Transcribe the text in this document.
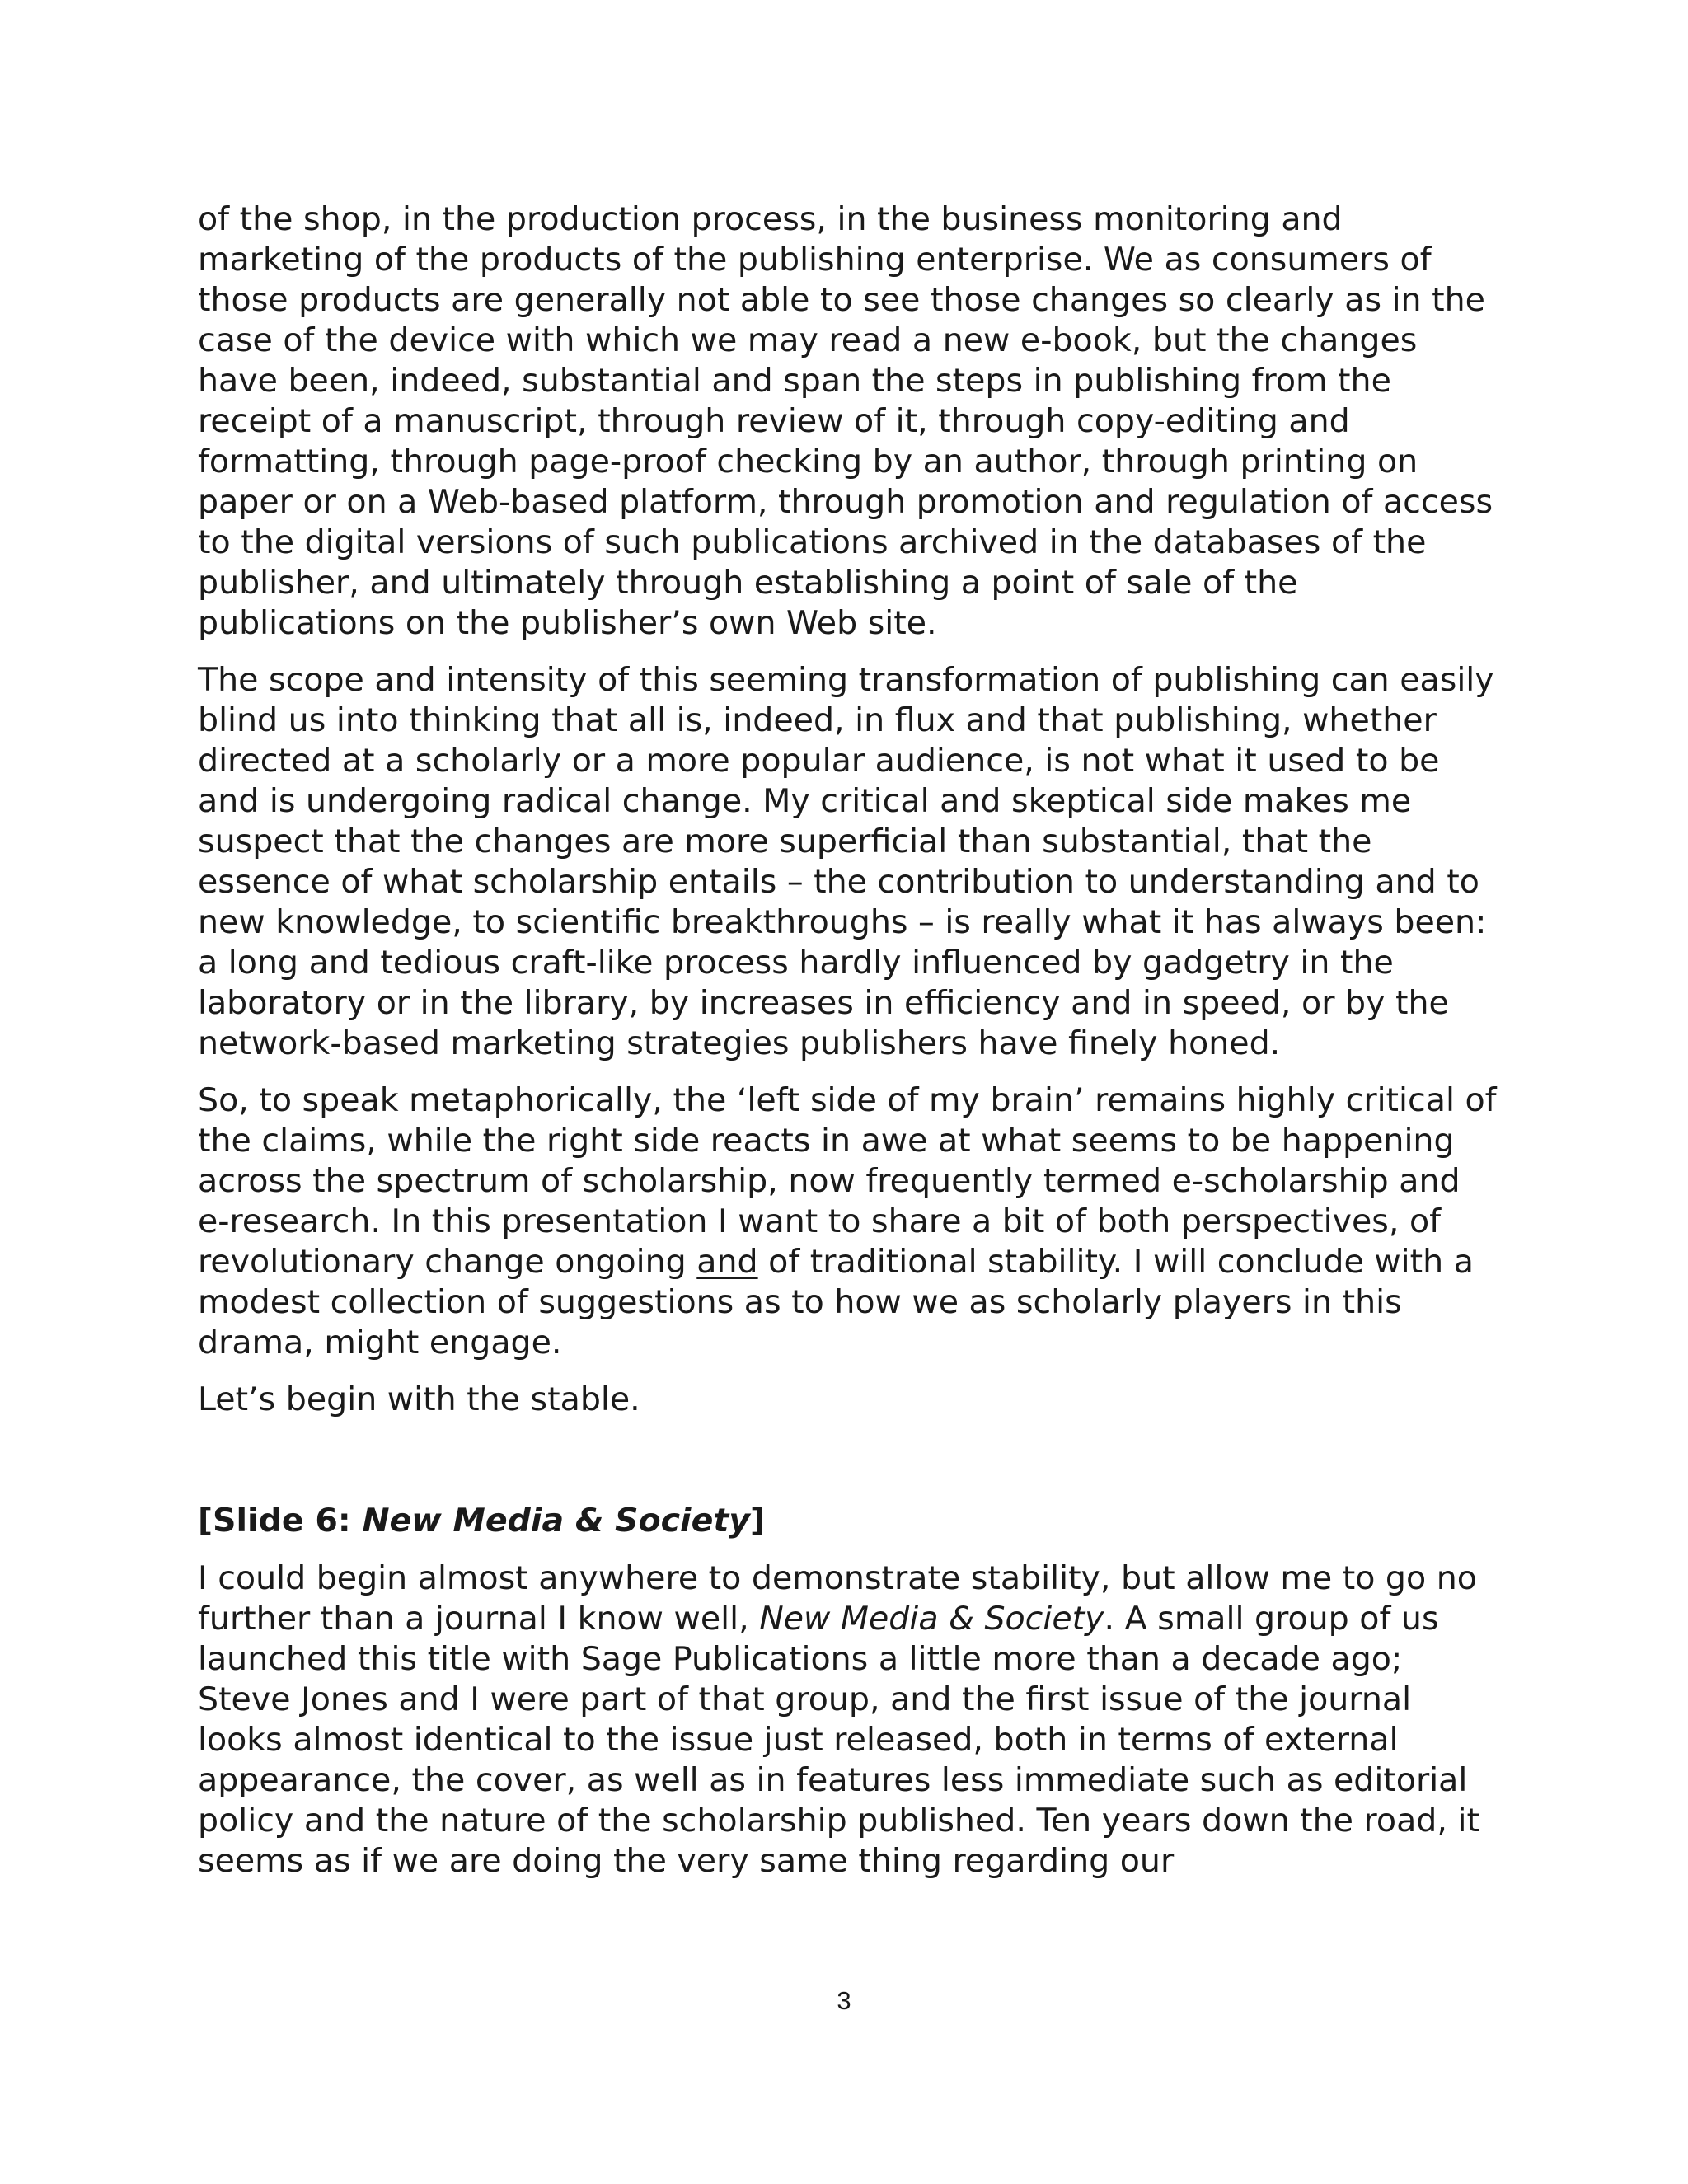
of the shop, in the production process, in the business monitoring and marketing of the products of the publishing enterprise. We as consumers of those products are generally not able to see those changes so clearly as in the case of the device with which we may read a new e-book, but the changes have been, indeed, substantial and span the steps in publishing from the receipt of a manuscript, through review of it, through copy-editing and formatting, through page-proof checking by an author, through printing on paper or on a Web-based platform, through promotion and regulation of access to the digital versions of such publications archived in the databases of the publisher, and ultimately through establishing a point of sale of the publications on the publisher’s own Web site.

The scope and intensity of this seeming transformation of publishing can easily blind us into thinking that all is, indeed, in flux and that publishing, whether directed at a scholarly or a more popular audience, is not what it used to be and is undergoing radical change. My critical and skeptical side makes me suspect that the changes are more superficial than substantial, that the essence of what scholarship entails – the contribution to understanding and to new knowledge, to scientific breakthroughs – is really what it has always been: a long and tedious craft-like process hardly influenced by gadgetry in the laboratory or in the library, by increases in efficiency and in speed, or by the network-based marketing strategies publishers have finely honed.

So, to speak metaphorically, the ‘left side of my brain’ remains highly critical of the claims, while the right side reacts in awe at what seems to be happening across the spectrum of scholarship, now frequently termed e-scholarship and e-research. In this presentation I want to share a bit of both perspectives, of revolutionary change ongoing and of traditional stability. I will conclude with a modest collection of suggestions as to how we as scholarly players in this drama, might engage.

Let’s begin with the stable.

[Slide 6: New Media & Society]

I could begin almost anywhere to demonstrate stability, but allow me to go no further than a journal I know well, New Media & Society. A small group of us launched this title with Sage Publications a little more than a decade ago; Steve Jones and I were part of that group, and the first issue of the journal looks almost identical to the issue just released, both in terms of external appearance, the cover, as well as in features less immediate such as editorial policy and the nature of the scholarship published. Ten years down the road, it seems as if we are doing the very same thing regarding our

3
